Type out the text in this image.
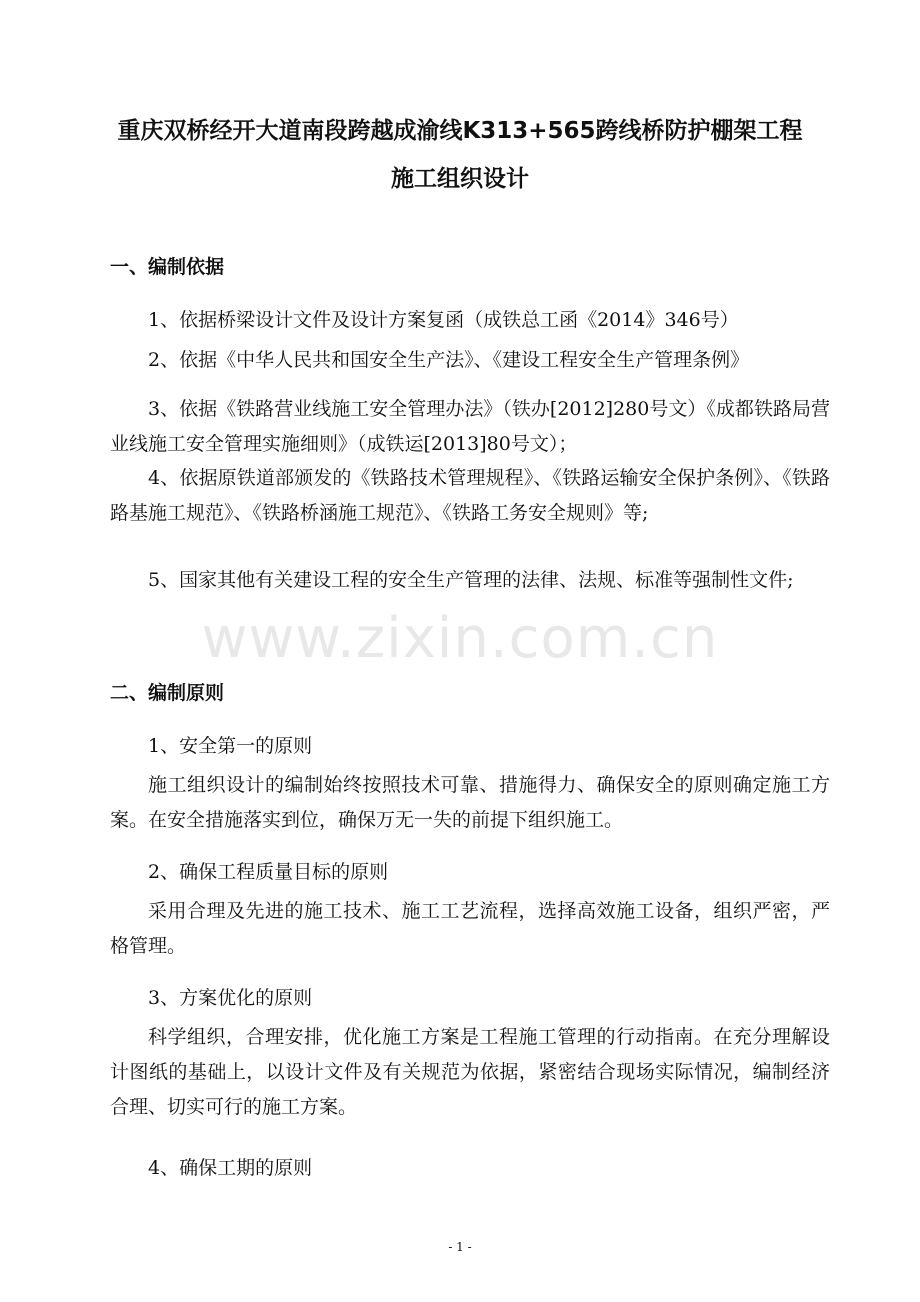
重庆双桥经开大道南段跨越成渝线K313+565跨线桥防护棚架工程
施工组织设计
一、编制依据
1、依据桥梁设计文件及设计方案复函（成铁总工函《2014》346号）
2、依据《中华人民共和国安全生产法》、《建设工程安全生产管理条例》
3、依据《铁路营业线施工安全管理办法》（铁办[2012]280号文）《成都铁路局营业线施工安全管理实施细则》（成铁运[2013]80号文）；
4、依据原铁道部颁发的《铁路技术管理规程》、《铁路运输安全保护条例》、《铁路路基施工规范》、《铁路桥涵施工规范》、《铁路工务安全规则》等;
5、国家其他有关建设工程的安全生产管理的法律、法规、标准等强制性文件;
二、编制原则
1、安全第一的原则
施工组织设计的编制始终按照技术可靠、措施得力、确保安全的原则确定施工方案。在安全措施落实到位，确保万无一失的前提下组织施工。
2、确保工程质量目标的原则
采用合理及先进的施工技术、施工工艺流程，选择高效施工设备，组织严密，严格管理。
3、方案优化的原则
科学组织，合理安排，优化施工方案是工程施工管理的行动指南。在充分理解设计图纸的基础上，以设计文件及有关规范为依据，紧密结合现场实际情况，编制经济合理、切实可行的施工方案。
4、确保工期的原则
www.zixin.com.cn
- 1 -
